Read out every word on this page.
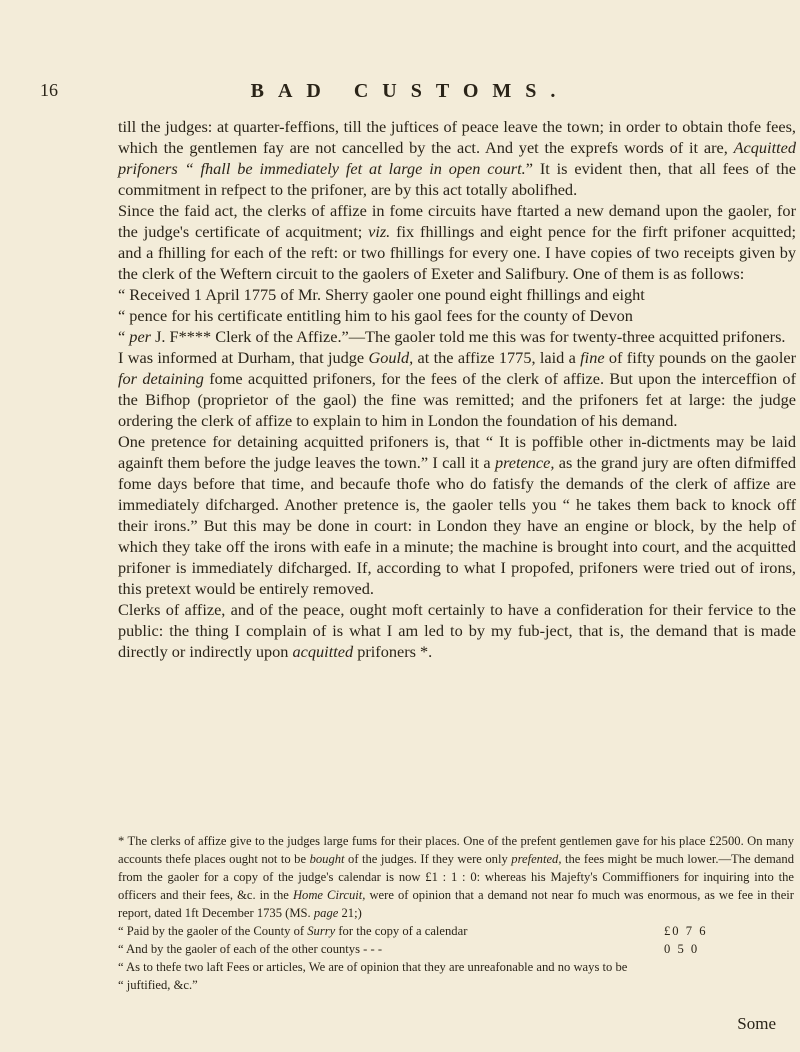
16	BAD CUSTOMS.

till the judges: at quarter-feffions, till the juftices of peace leave the town; in order to obtain thofe fees, which the gentlemen fay are not cancelled by the act. And yet the exprefs words of it are, Acquitted prifoners “ fhall be immediately fet at large in open court.” It is evident then, that all fees of the commitment in refpect to the prifoner, are by this act totally abolifhed.

Since the faid act, the clerks of affize in fome circuits have ftarted a new demand upon the gaoler, for the judge's certificate of acquitment; viz. fix fhillings and eight pence for the firft prifoner acquitted; and a fhilling for each of the reft: or two fhillings for every one. I have copies of two receipts given by the clerk of the Weftern circuit to the gaolers of Exeter and Salifbury. One of them is as follows:

“ Received 1 April 1775 of Mr. Sherry gaoler one pound eight fhillings and eight

“ pence for his certificate entitling him to his gaol fees for the county of Devon

“ per J. F**** Clerk of the Affize.”—The gaoler told me this was for twenty-three acquitted prifoners.

I was informed at Durham, that judge Gould, at the affize 1775, laid a fine of fifty pounds on the gaoler for detaining fome acquitted prifoners, for the fees of the clerk of affize. But upon the interceffion of the Bifhop (proprietor of the gaol) the fine was remitted; and the prifoners fet at large: the judge ordering the clerk of affize to explain to him in London the foundation of his demand.

One pretence for detaining acquitted prifoners is, that “ It is poffible other in-dictments may be laid againft them before the judge leaves the town.” I call it a pretence, as the grand jury are often difmiffed fome days before that time, and becaufe thofe who do fatisfy the demands of the clerk of affize are immediately difcharged. Another pretence is, the gaoler tells you “ he takes them back to knock off their irons.” But this may be done in court: in London they have an engine or block, by the help of which they take off the irons with eafe in a minute; the machine is brought into court, and the acquitted prifoner is immediately difcharged. If, according to what I propofed, prifoners were tried out of irons, this pretext would be entirely removed.

Clerks of affize, and of the peace, ought moft certainly to have a confideration for their fervice to the public: the thing I complain of is what I am led to by my fub-ject, that is, the demand that is made directly or indirectly upon acquitted prifoners *.

* The clerks of affize give to the judges large fums for their places. One of the prefent gentlemen gave for his place £2500. On many accounts thefe places ought not to be bought of the judges. If they were only prefented, the fees might be much lower.—The demand from the gaoler for a copy of the judge's calendar is now £1 : 1 : 0: whereas his Majefty's Commiffioners for inquiring into the officers and their fees, &c. in the Home Circuit, were of opinion that a demand not near fo much was enormous, as we fee in their report, dated 1ft December 1735 (MS. page 21;)

“ Paid by the gaoler of the County of Surry for the copy of a calendar	£0 7 6
“ And by the gaoler of each of the other countys - - -	0 5 0

“ As to thefe two laft Fees or articles, We are of opinion that they are unreafonable and no ways to be

“ juftified, &c.”

Some
